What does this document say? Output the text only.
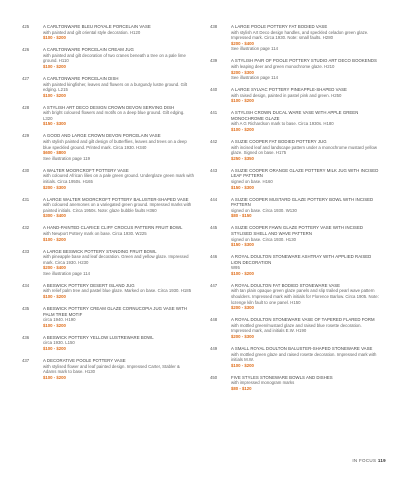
425	A CARLTONWARE BLEU ROYALE PORCELAIN VASE
with painted and gilt oriental style decoration. H120
$100 - $200
426	A CARLTONWARE PORCELAIN CREAM JUG
with painted and gilt decoration of two cranes beneath a tree on a pale lime ground. H110
$100 - $200
427	A CARLTONWARE PORCELAIN DISH
with painted kingfisher, leaves and flowers on a burgundy lustre ground. Gilt edging. L215
$100 - $200
428	A STYLISH ART DECO DESIGN CROWN DEVON SERVING DISH
with bright coloured flowers and motifs on a deep blue ground. Gilt edging. L320
$150 - $300
429	A GOOD AND LARGE CROWN DEVON PORCELAIN VASE
with stylish painted and gilt design of butterflies, leaves and trees on a deep blue speckled ground. Printed mark. Circa 1930. H340
$600 - $800
See illustration page 119
430	A WALTER MOORCROFT POTTERY VASE
with coloured African lilies on a pale green ground. Underglaze green mark with initials. Circa 1950s. H165
$200 - $300
431	A LARGE WALTER MOORCROFT POTTERY BALUSTER-SHAPED VASE
with coloured anemones on a variegated green ground. Impressed marks with painted initials. Circa 1950s. Note: glaze bubble faults H360
$300 - $400
432	A HAND-PAINTED CLARICE CLIFF CROCUS PATTERN FRUIT BOWL
with Newport Pottery mark on base. Circa 1930. W225
$100 - $200
433	A LARGE BESWICK POTTERY STANDING FRUIT BOWL
with pineapple base and leaf decoration. Green and yellow glaze. Impressed mark. Circa 1930. H230
$200 - $400
See illustration page 114
434	A BESWICK POTTERY DESERT ISLAND JUG
with relief palm tree and pastel blue glaze. Marked on base. Circa 1930. H185
$100 - $200
435	A BESWICK POTTERY CREAM GLAZE CORNUCOPIA JUG VASE WITH PALM TREE MOTIF
circa 1940. H190
$100 - $200
436	A BESWICK POTTERY YELLOW LUSTREWARE BOWL
circa 1930. L150
$100 - $200
437	A DECORATIVE POOLE POTTERY VASE
with stylised flower and leaf painted design. Impressed Carter, Stabler & Adams mark to base. H130
$100 - $200
438	A LARGE POOLE POTTERY FAT BODIED VASE
with stylish Art Deco design handles, and speckled celadon green glaze. Impressed mark. Circa 1930. Note: small faults. H280
$200 - $400
See illustration page 114
439	A STYLISH PAIR OF POOLE POTTERY STUDIO ART DECO BOOKENDS
with leaping deer and green monochrome glaze. H210
$200 - $300
See illustration page 114
440	A LARGE SYLVAC POTTERY PINEAPPLE-SHAPED VASE
with raised design, painted in pastel pink and green. H250
$100 - $200
441	A STYLISH CROWN DUCAL WARE VASE WITH APPLE GREEN MONOCHROME GLAZE
with A G Richardson mark to base. Circa 1930s. H180
$100 - $200
442	A SUZIE COOPER FAT BODIED POTTERY JUG
with incised leaf and landscape pattern under a monochrome mustard yellow glaze. Signed on base. H175
$250 - $350
443	A SUZIE COOPER ORANGE GLAZE POTTERY MILK JUG WITH INCISED LEAF PATTERN
signed on base. H160
$150 - $300
444	A SUZIE COOPER MUSTARD GLAZE POTTERY BOWL WITH INCISED PATTERN
signed on base. Circa 1930. W130
$80 - $150
445	A SUZIE COOPER FAWN GLAZE POTTERY VASE WITH INCISED STYLISED SHELL AND WAVE PATTERN
signed on base. Circa 1930. H130
$150 - $300
446	A ROYAL DOULTON STONEWARE ASHTRAY WITH APPLIED RAISED LION DECORATION
W95
$100 - $200
447	A ROYAL DOULTON FAT BODIED STONEWARE VASE
with tan plain opaque green glaze panels and slip trailed pearl wave pattern shoulders. Impressed mark with initials for Florence Barlow. Circa 1905. Note: lozenge kiln fault to one panel. H150
$200 - $300
448	A ROYAL DOULTON STONEWARE VASE OF TAPERED FLARED FORM
with mottled green/mustard glaze and raised blue rosette decoration. Impressed mark, and initials E.W. H190
$200 - $300
449	A SMALL ROYAL DOULTON BALUSTER-SHAPED STONEWARE VASE
with mottled green glaze and raised rosette decoration. Impressed mark with initials M.W.
$100 - $200
450	FIVE STYLES STONEWARE BOWLS AND DISHES
with impressed monogram marks
$80 - $120
IN FOCUS 119
